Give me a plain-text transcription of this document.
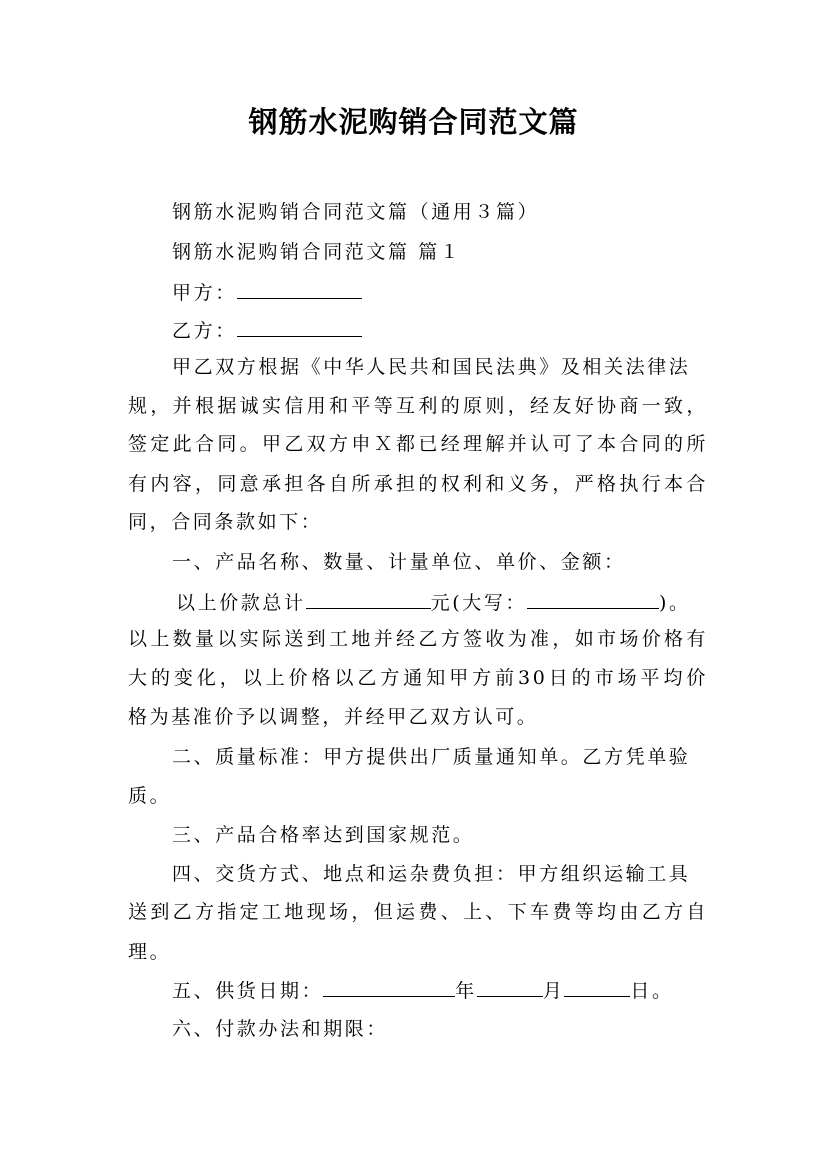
钢筋水泥购销合同范文篇
钢筋水泥购销合同范文篇（通用３篇）
钢筋水泥购销合同范文篇 篇１
甲方：
乙方：
甲乙双方根据《中华人民共和国民法典》及相关法律法
规，并根据诚实信用和平等互利的原则，经友好协商一致，
签定此合同。甲乙双方申Ｘ都已经理解并认可了本合同的所
有内容，同意承担各自所承担的权利和义务，严格执行本合
同，合同条款如下：
一、产品名称、数量、计量单位、单价、金额：
以上价款总计	元(大写：	)。
以上数量以实际送到工地并经乙方签收为准，如市场价格有
大的变化，以上价格以乙方通知甲方前30日的市场平均价
格为基准价予以调整，并经甲乙双方认可。
二、质量标准：甲方提供出厂质量通知单。乙方凭单验
质。
三、产品合格率达到国家规范。
四、交货方式、地点和运杂费负担：甲方组织运输工具
送到乙方指定工地现场，但运费、上、下车费等均由乙方自
理。
五、供货日期：	年	月	日。
六、付款办法和期限：
